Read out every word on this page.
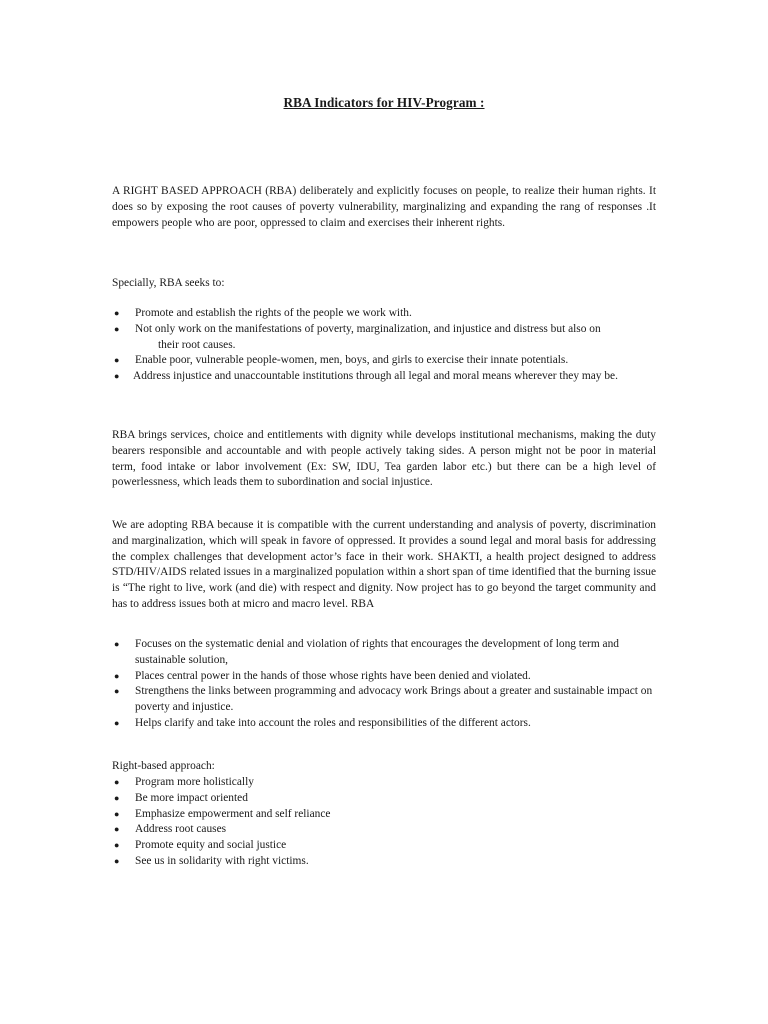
RBA Indicators for HIV-Program :

A RIGHT BASED APPROACH (RBA) deliberately and explicitly focuses on people, to realize their human rights. It does so by exposing the root causes of poverty vulnerability, marginalizing and expanding the rang of responses .It empowers people who are poor, oppressed to claim and exercises their inherent rights.

Specially, RBA seeks to:

● Promote and establish the rights of the people we work with.
● Not only work on the manifestations of poverty, marginalization, and injustice and distress but also on
their root causes.
● Enable poor, vulnerable people-women, men, boys, and girls to exercise their innate potentials.
● Address injustice and unaccountable institutions through all legal and moral means wherever they may be.

RBA brings services, choice and entitlements with dignity while develops institutional mechanisms, making the duty bearers responsible and accountable and with people actively taking sides. A person might not be poor in material term, food intake or labor involvement (Ex: SW, IDU, Tea garden labor etc.) but there can be a high level of powerlessness, which leads them to subordination and social injustice.

We are adopting RBA because it is compatible with the current understanding and analysis of poverty, discrimination and marginalization, which will speak in favore of oppressed. It provides a sound legal and moral basis for addressing the complex challenges that development actor’s face in their work. SHAKTI, a health project designed to address STD/HIV/AIDS related issues in a marginalized population within a short span of time identified that the burning issue is “The right to live, work (and die) with respect and dignity. Now project has to go beyond the target community and has to address issues both at micro and macro level. RBA

● Focuses on the systematic denial and violation of rights that encourages the development of long term and sustainable solution,
● Places central power in the hands of those whose rights have been denied and violated.
● Strengthens the links between programming and advocacy work Brings about a greater and sustainable impact on poverty and injustice.
● Helps clarify and take into account the roles and responsibilities of the different actors.

Right-based approach:

● Program more holistically
● Be more impact oriented
● Emphasize empowerment and self reliance
● Address root causes
● Promote equity and social justice
● See us in solidarity with right victims.
